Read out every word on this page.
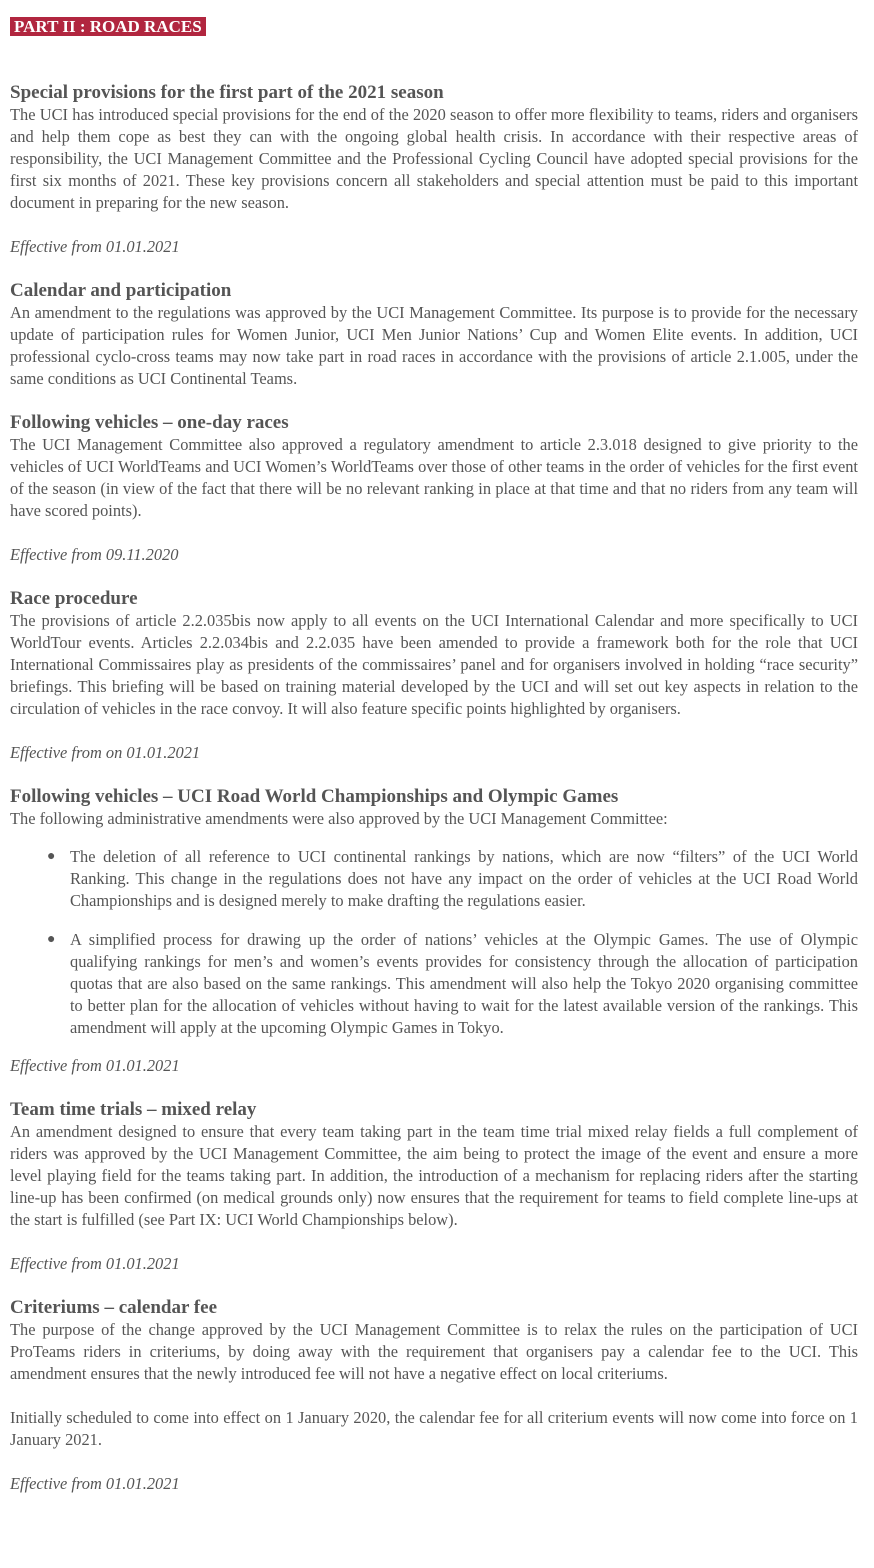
PART II : ROAD RACES
Special provisions for the first part of the 2021 season

The UCI has introduced special provisions for the end of the 2020 season to offer more flexibility to teams, riders and organisers and help them cope as best they can with the ongoing global health crisis. In accordance with their respective areas of responsibility, the UCI Management Committee and the Professional Cycling Council have adopted special provisions for the first six months of 2021. These key provisions concern all stakeholders and special attention must be paid to this important document in preparing for the new season.

Effective from 01.01.2021

Calendar and participation

An amendment to the regulations was approved by the UCI Management Committee. Its purpose is to provide for the necessary update of participation rules for Women Junior, UCI Men Junior Nations’ Cup and Women Elite events. In addition, UCI professional cyclo-cross teams may now take part in road races in accordance with the provisions of article 2.1.005, under the same conditions as UCI Continental Teams.

Following vehicles – one-day races

The UCI Management Committee also approved a regulatory amendment to article 2.3.018 designed to give priority to the vehicles of UCI WorldTeams and UCI Women’s WorldTeams over those of other teams in the order of vehicles for the first event of the season (in view of the fact that there will be no relevant ranking in place at that time and that no riders from any team will have scored points).

Effective from 09.11.2020

Race procedure

The provisions of article 2.2.035bis now apply to all events on the UCI International Calendar and more specifically to UCI WorldTour events. Articles 2.2.034bis and 2.2.035 have been amended to provide a framework both for the role that UCI International Commissaires play as presidents of the commissaires’ panel and for organisers involved in holding “race security” briefings. This briefing will be based on training material developed by the UCI and will set out key aspects in relation to the circulation of vehicles in the race convoy. It will also feature specific points highlighted by organisers.

Effective from on 01.01.2021

Following vehicles – UCI Road World Championships and Olympic Games

The following administrative amendments were also approved by the UCI Management Committee:

● The deletion of all reference to UCI continental rankings by nations, which are now “filters” of the UCI World Ranking. This change in the regulations does not have any impact on the order of vehicles at the UCI Road World Championships and is designed merely to make drafting the regulations easier.
● A simplified process for drawing up the order of nations’ vehicles at the Olympic Games. The use of Olympic qualifying rankings for men’s and women’s events provides for consistency through the allocation of participation quotas that are also based on the same rankings. This amendment will also help the Tokyo 2020 organising committee to better plan for the allocation of vehicles without having to wait for the latest available version of the rankings. This amendment will apply at the upcoming Olympic Games in Tokyo.

Effective from 01.01.2021

Team time trials – mixed relay

An amendment designed to ensure that every team taking part in the team time trial mixed relay fields a full complement of riders was approved by the UCI Management Committee, the aim being to protect the image of the event and ensure a more level playing field for the teams taking part. In addition, the introduction of a mechanism for replacing riders after the starting line-up has been confirmed (on medical grounds only) now ensures that the requirement for teams to field complete line-ups at the start is fulfilled (see Part IX: UCI World Championships below).

Effective from 01.01.2021

Criteriums – calendar fee

The purpose of the change approved by the UCI Management Committee is to relax the rules on the participation of UCI ProTeams riders in criteriums, by doing away with the requirement that organisers pay a calendar fee to the UCI. This amendment ensures that the newly introduced fee will not have a negative effect on local criteriums.

Initially scheduled to come into effect on 1 January 2020, the calendar fee for all criterium events will now come into force on 1 January 2021.

Effective from 01.01.2021
